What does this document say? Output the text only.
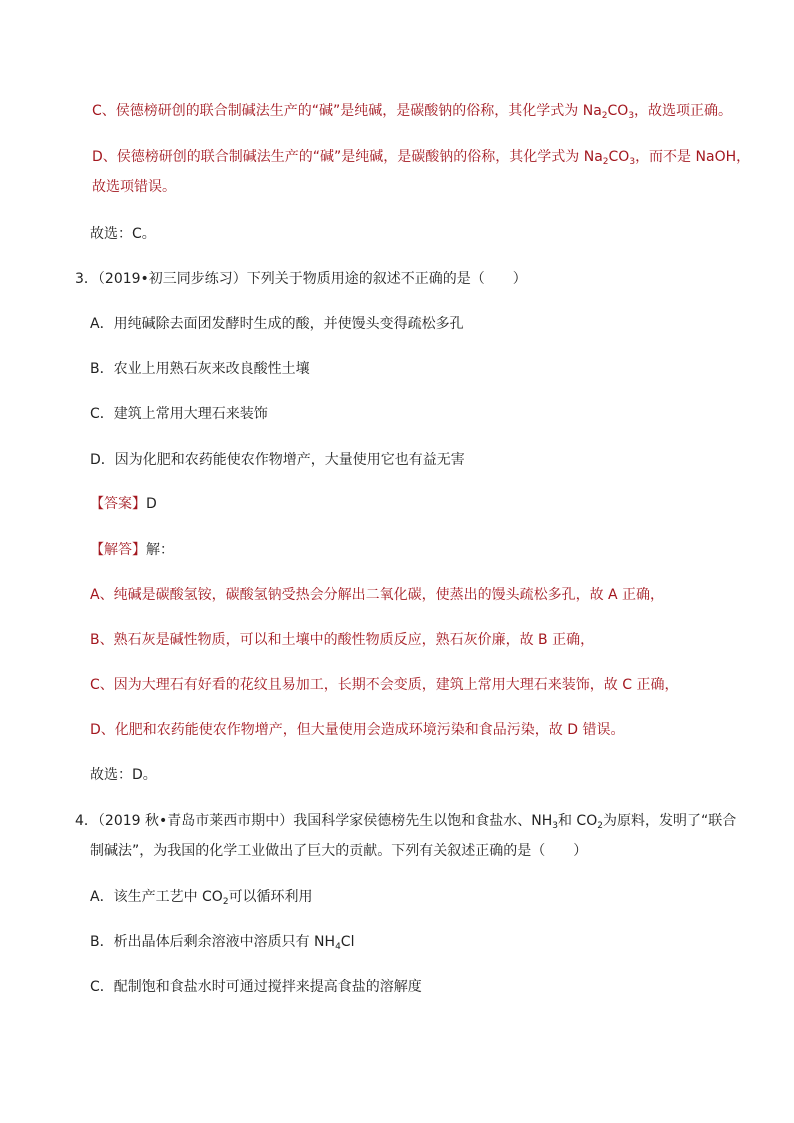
C、侯德榜研创的联合制碱法生产的“碱”是纯碱，是碳酸钠的俗称，其化学式为 $Na_2CO_3$，故选项正确。
D、侯德榜研创的联合制碱法生产的“碱”是纯碱，是碳酸钠的俗称，其化学式为 $Na_2CO_3$，而不是 NaOH，
故选项错误。
故选：C。
3．（2019•初三同步练习）下列关于物质用途的叙述不正确的是（　　）
A．用纯碱除去面团发酵时生成的酸，并使馒头变得疏松多孔
B．农业上用熟石灰来改良酸性土壤
C．建筑上常用大理石来装饰
D．因为化肥和农药能使农作物增产，大量使用它也有益无害
【答案】D
【解答】解：
A、纯碱是碳酸氢铵，碳酸氢钠受热会分解出二氧化碳，使蒸出的馒头疏松多孔，故 A 正确，
B、熟石灰是碱性物质，可以和土壤中的酸性物质反应，熟石灰价廉，故 B 正确，
C、因为大理石有好看的花纹且易加工，长期不会变质，建筑上常用大理石来装饰，故 C 正确，
D、化肥和农药能使农作物增产，但大量使用会造成环境污染和食品污染，故 D 错误。
故选：D。
4．（2019 秋•青岛市莱西市期中）我国科学家侯德榜先生以饱和食盐水、$NH_3$和 $CO_2$为原料，发明了“联合
制碱法”，为我国的化学工业做出了巨大的贡献。下列有关叙述正确的是（　　）
A．该生产工艺中 $CO_2$可以循环利用
B．析出晶体后剩余溶液中溶质只有 $NH_4Cl$
C．配制饱和食盐水时可通过搅拌来提高食盐的溶解度
